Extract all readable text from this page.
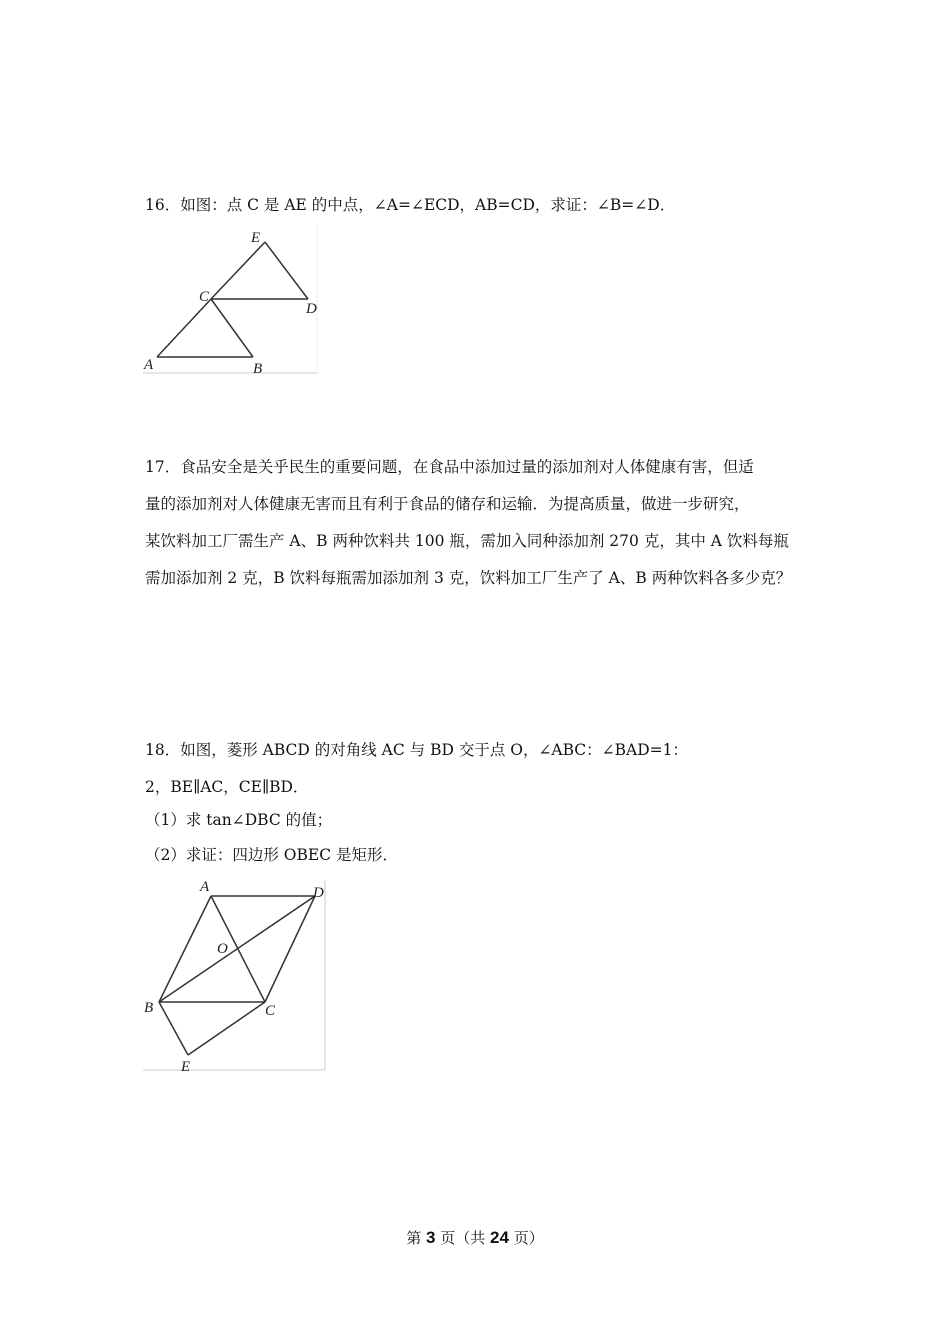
16．如图：点 C 是 AE 的中点，∠A=∠ECD，AB=CD，求证：∠B=∠D．
E
C
D
A	B
17．食品安全是关乎民生的重要问题，在食品中添加过量的添加剂对人体健康有害，但适
量的添加剂对人体健康无害而且有利于食品的储存和运输．为提高质量，做进一步研究，
某饮料加工厂需生产 A、B 两种饮料共 100 瓶，需加入同种添加剂 270 克，其中 A 饮料每瓶
需加添加剂 2 克，B 饮料每瓶需加添加剂 3 克，饮料加工厂生产了 A、B 两种饮料各多少克？
18．如图，菱形 ABCD 的对角线 AC 与 BD 交于点 O，∠ABC：∠BAD=1：
2，BE∥AC，CE∥BD．
（1）求 tan∠DBC 的值；
（2）求证：四边形 OBEC 是矩形．
A	D
O
B	C
E
第 3 页（共 24 页）
